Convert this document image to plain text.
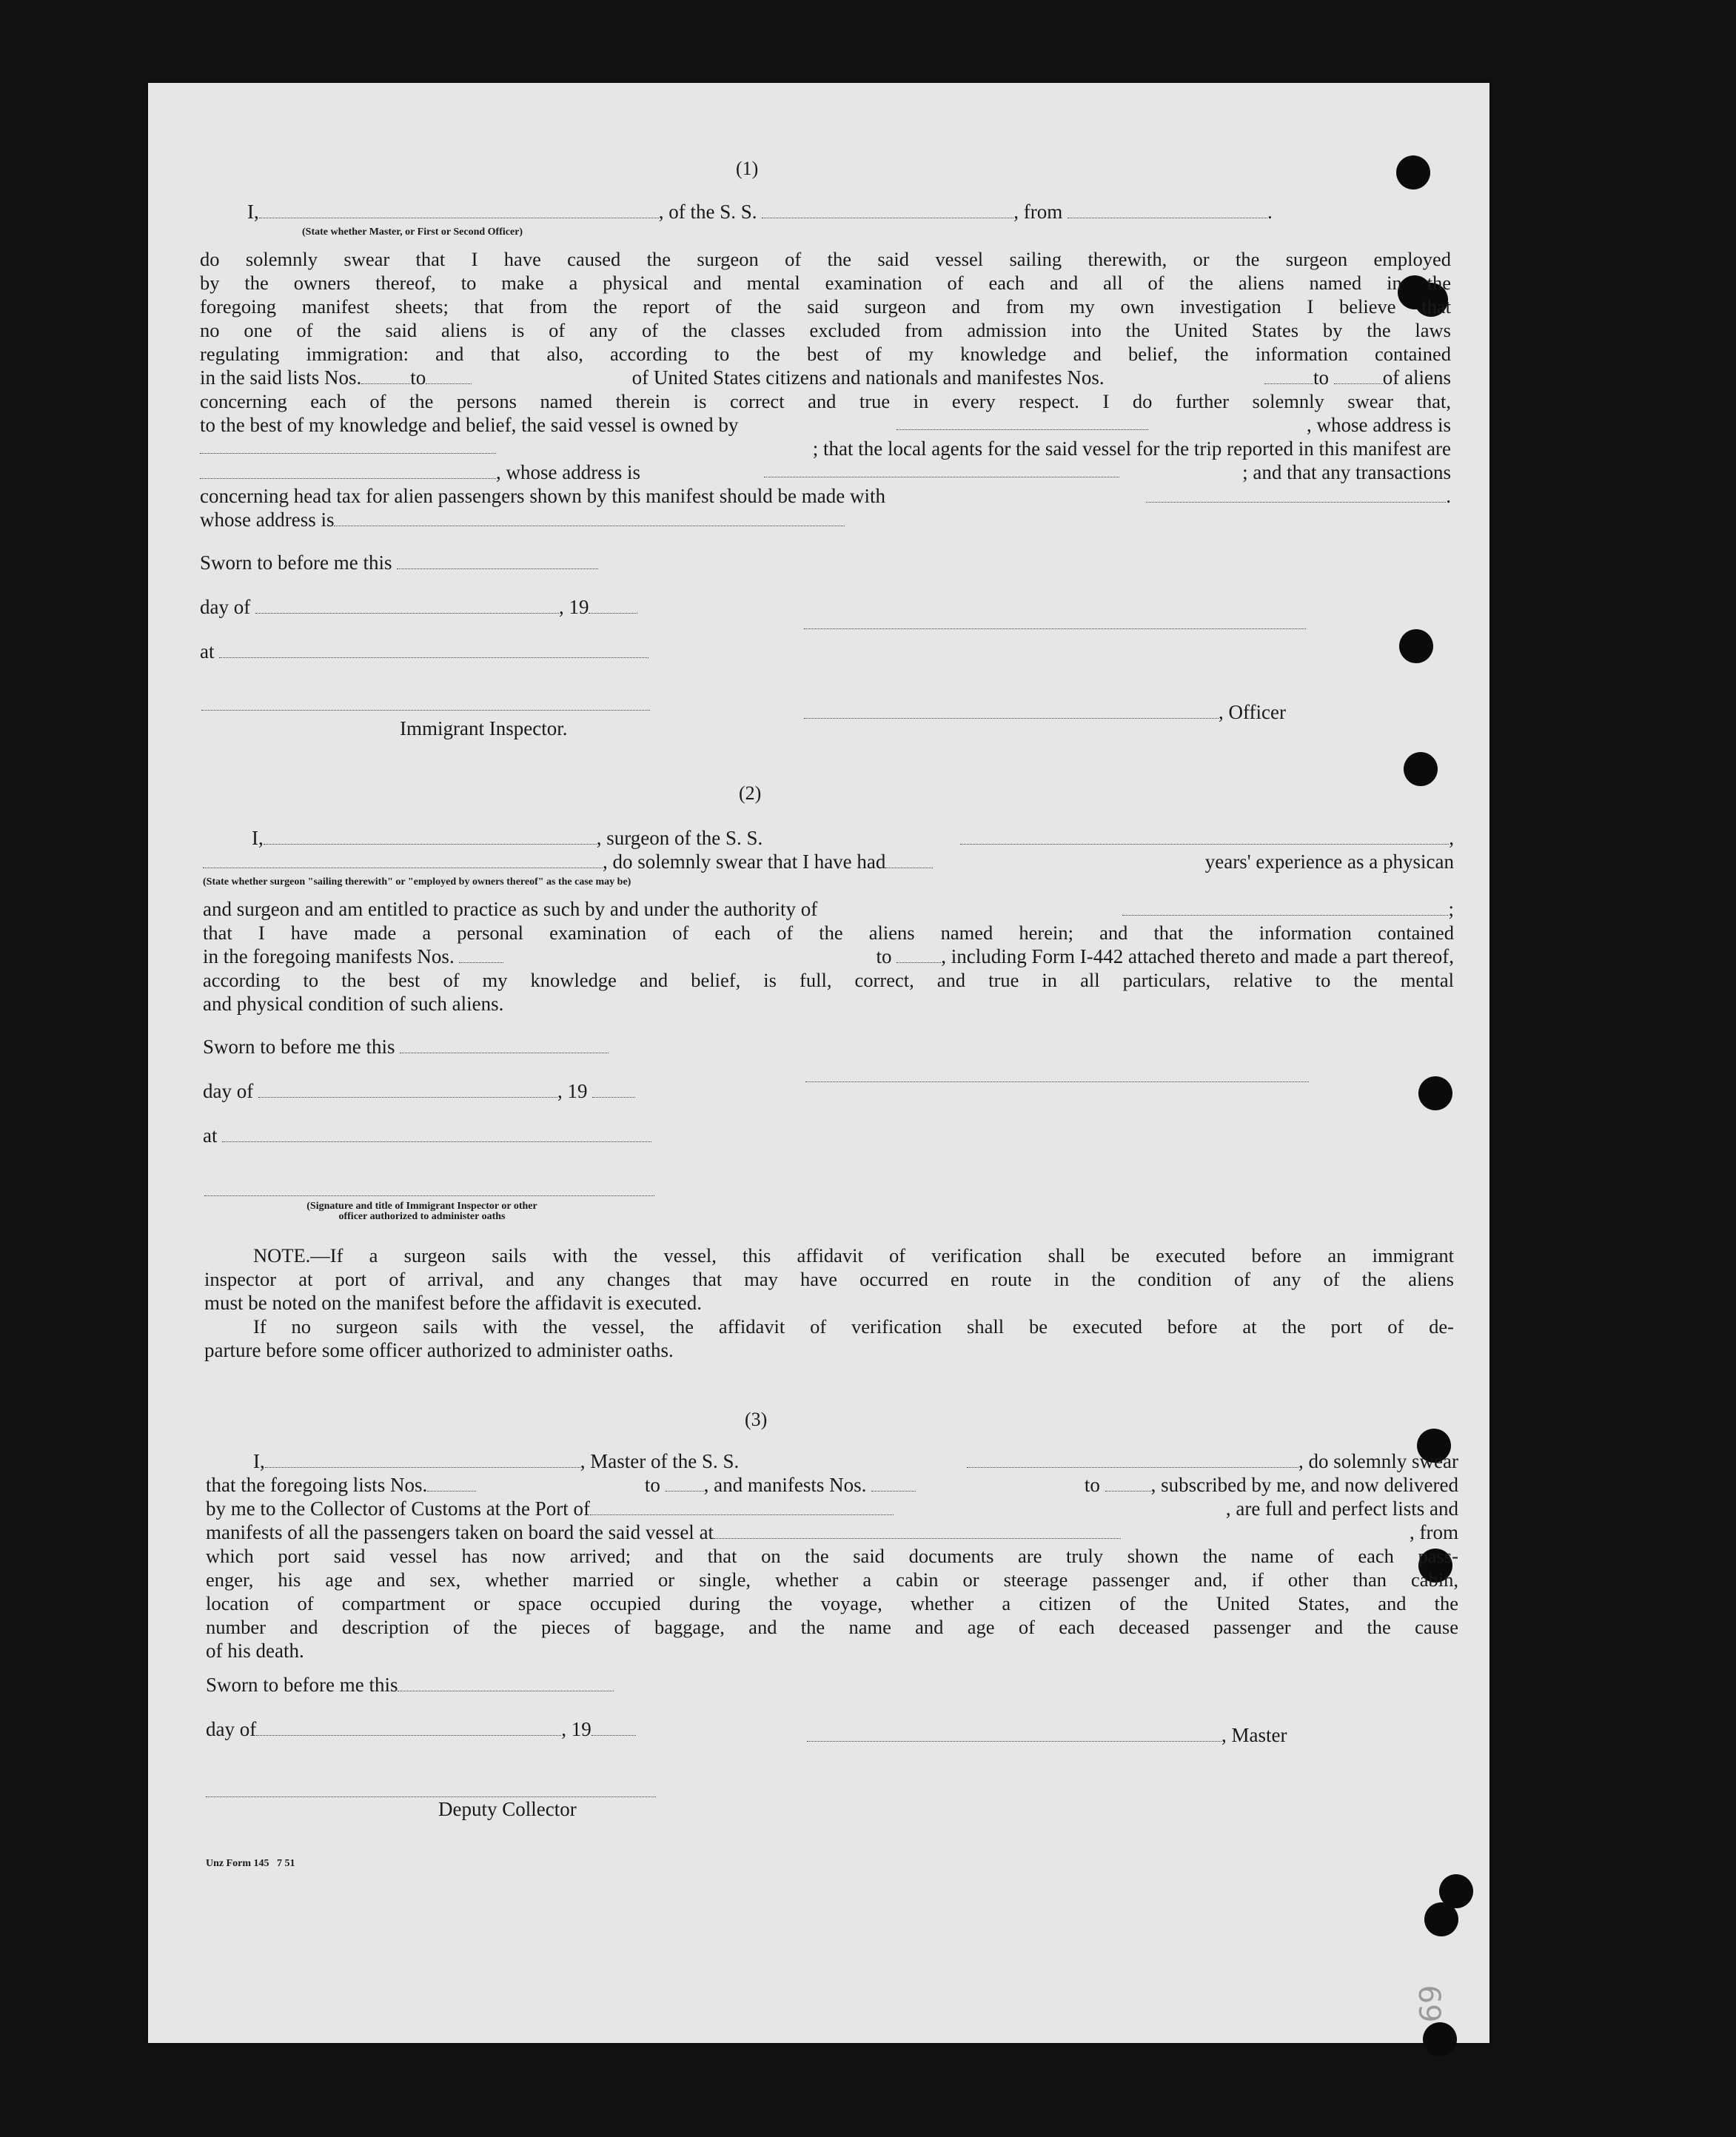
(1)
I,	, of the S. S.	, from	.
(State whether Master, or First or Second Officer)
do solemnly swear that I have caused the surgeon of the said vessel sailing therewith, or the surgeon employed
by the owners thereof, to make a physical and mental examination of each and all of the aliens named in the
foregoing manifest sheets; that from the report of the said surgeon and from my own investigation I believe that
no one of the said aliens is of any of the classes excluded from admission into the United States by the laws
regulating immigration: and that also, according to the best of my knowledge and belief, the information contained
in the said lists Nos. to	of United States citizens and nationals and manifestes Nos.	to	of aliens
concerning each of the persons named therein is correct and true in every respect. I do further solemnly swear that,
to the best of my knowledge and belief, the said vessel is owned by	, whose address is
; that the local agents for the said vessel for the trip reported in this manifest are
, whose address is	; and that any transactions
concerning head tax for alien passengers shown by this manifest should be made with	.
whose address is
Sworn to before me this
day of	, 19
at
, Officer
Immigrant Inspector.
(2)
I,	, surgeon of the S. S.	,
, do solemnly swear that I have had	years' experience as a physican
(State whether surgeon "sailing therewith" or "employed by owners thereof" as the case may be)
and surgeon and am entitled to practice as such by and under the authority of	;
that I have made a personal examination of each of the aliens named herein; and that the information contained
in the foregoing manifests Nos.	to , including Form I-442 attached thereto and made a part thereof,
according to the best of my knowledge and belief, is full, correct, and true in all particulars, relative to the mental
and physical condition of such aliens.
Sworn to before me this
day of	, 19
at
(Signature and title of Immigrant Inspector or other
officer authorized to administer oaths
NOTE.—If a surgeon sails with the vessel, this affidavit of verification shall be executed before an immigrant
inspector at port of arrival, and any changes that may have occurred en route in the condition of any of the aliens
must be noted on the manifest before the affidavit is executed.
If no surgeon sails with the vessel, the affidavit of verification shall be executed before at the port of de-
parture before some officer authorized to administer oaths.
(3)
I,	, Master of the S. S.	, do solemnly swear
that the foregoing lists Nos.	to , and manifests Nos.	to	, subscribed by me, and now delivered
by me to the Collector of Customs at the Port of	, are full and perfect lists and
manifests of all the passengers taken on board the said vessel at	, from
which port said vessel has now arrived; and that on the said documents are truly shown the name of each pass-
enger, his age and sex, whether married or single, whether a cabin or steerage passenger and, if other than cabin,
location of compartment or space occupied during the voyage, whether a citizen of the United States, and the
number and description of the pieces of baggage, and the name and age of each deceased passenger and the cause
of his death.
Sworn to before me this
day of	, 19	, Master
Deputy Collector
Unz Form 145   7 51
69
